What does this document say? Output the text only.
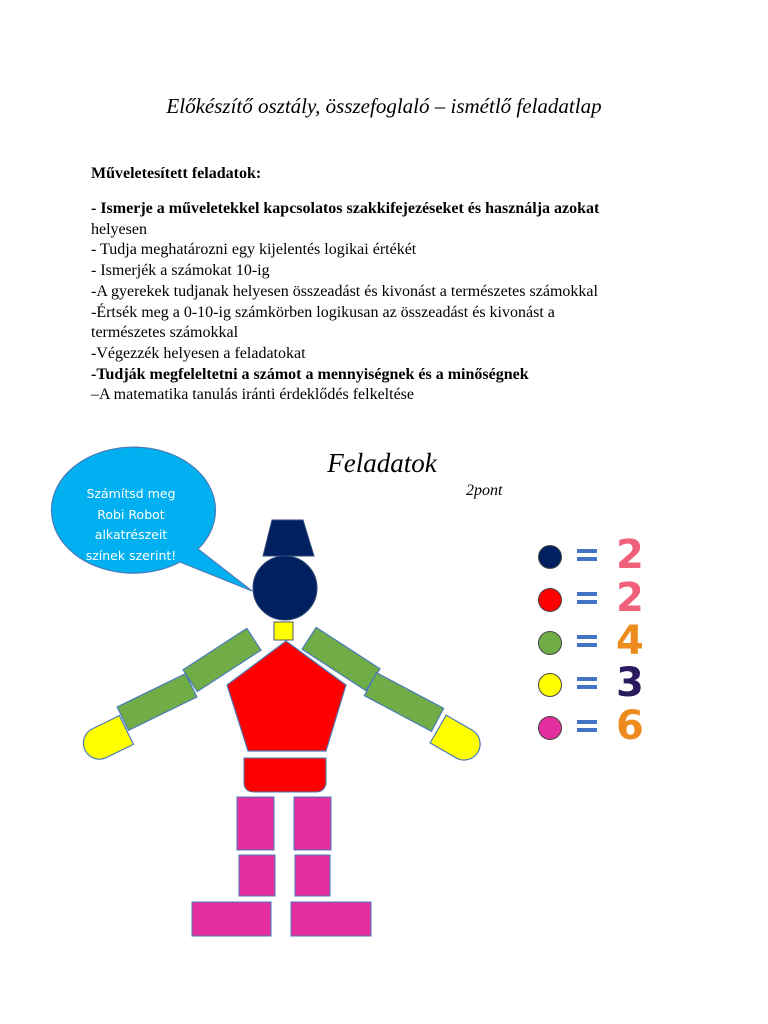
Előkészítő osztály, összefoglaló – ismétlő feladatlap
Műveletesített feladatok:
- Ismerje a műveletekkel kapcsolatos szakkifejezéseket és használja azokat
helyesen
- Tudja meghatározni egy kijelentés logikai értékét
- Ismerjék a számokat 10-ig
-A gyerekek tudjanak helyesen összeadást és kivonást a természetes számokkal
-Értsék meg a 0-10-ig számkörben logikusan az összeadást és kivonást a
természetes számokkal
-Végezzék helyesen a feladatokat
-Tudják megfeleltetni a számot a mennyiségnek és a minőségnek
–A matematika tanulás iránti érdeklődés felkeltése
Feladatok
2pont
Számítsd meg
Robi Robot
alkatrészeit
színek szerint!	2
2
4
3
6
